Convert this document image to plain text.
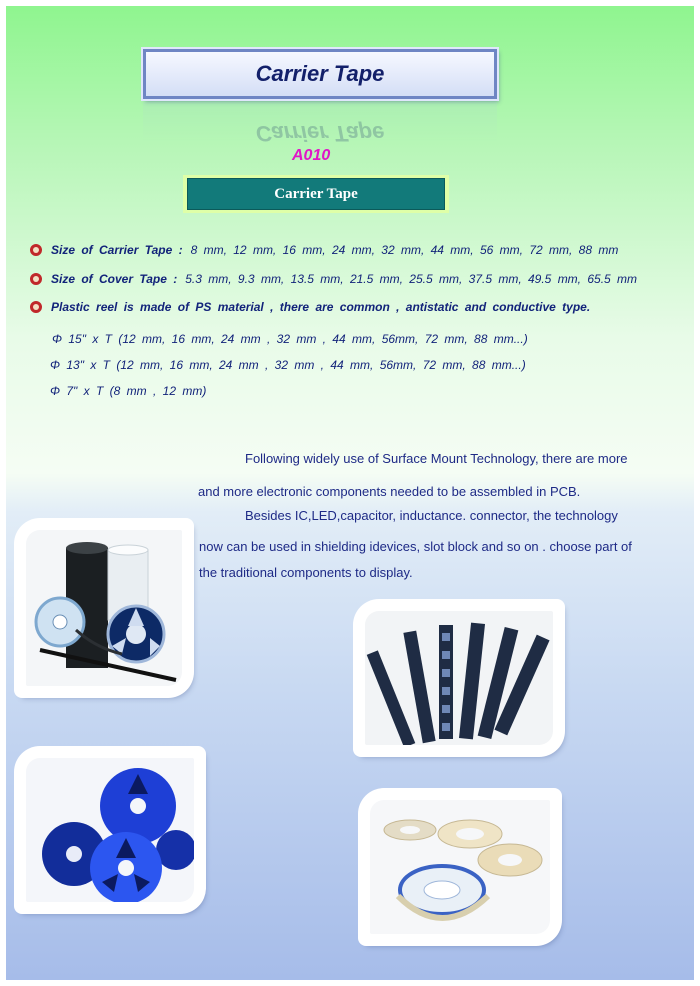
Carrier Tape
Carrier Tape
A010
Carrier Tape
Size of Carrier Tape : 8 mm, 12 mm, 16 mm, 24 mm, 32 mm, 44 mm, 56 mm, 72 mm, 88 mm
Size of Cover Tape : 5.3 mm, 9.3 mm, 13.5 mm, 21.5 mm, 25.5 mm, 37.5 mm, 49.5 mm, 65.5 mm
Plastic reel is made of PS material , there are common , antistatic and conductive type.
Φ 15" x T (12 mm, 16 mm, 24 mm , 32 mm , 44 mm, 56mm, 72 mm, 88 mm...)
Φ 13" x T (12 mm, 16 mm, 24 mm , 32 mm , 44 mm, 56mm, 72 mm, 88 mm...)
Φ 7" x T (8 mm , 12 mm)
Following widely use of Surface Mount Technology, there are more
and more electronic components needed to be assembled in PCB.
Besides IC,LED,capacitor, inductance. connector, the technology
now can be used in shielding idevices, slot block and so on . choose part of
the traditional components to display.
